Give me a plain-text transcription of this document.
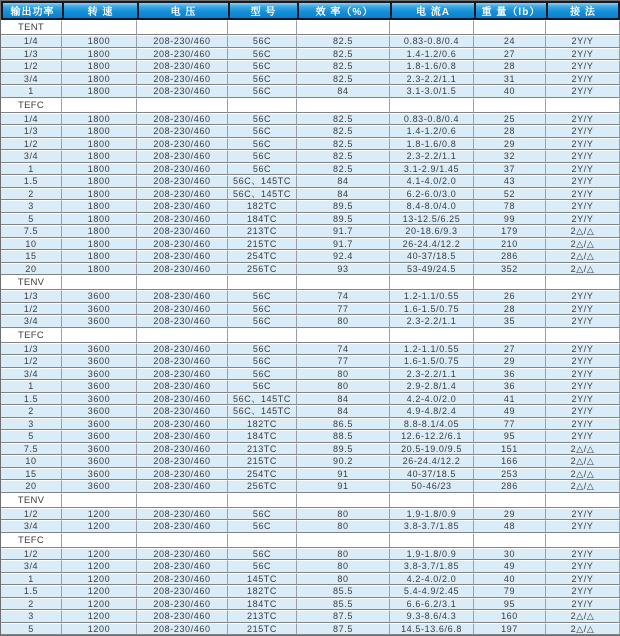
输出功率	转 速	电 压	型 号	效 率（%）	电 流A	重 量（lb）	接 法
TENT							
1/4	1800	208-230/460	56C	82.5	0.83-0.8/0.4	24	2Y/Y
1/3	1800	208-230/460	56C	82.5	1.4-1.2/0.6	27	2Y/Y
1/2	1800	208-230/460	56C	82.5	1.8-1.6/0.8	28	2Y/Y
3/4	1800	208-230/460	56C	82.5	2.3-2.2/1.1	31	2Y/Y
1	1800	208-230/460	56C	84	3.1-3.0/1.5	40	2Y/Y
TEFC							
1/4	1800	208-230/460	56C	82.5	0.83-0.8/0.4	25	2Y/Y
1/3	1800	208-230/460	56C	82.5	1.4-1.2/0.6	28	2Y/Y
1/2	1800	208-230/460	56C	82.5	1.8-1.6/0.8	29	2Y/Y
3/4	1800	208-230/460	56C	82.5	2.3-2.2/1.1	32	2Y/Y
1	1800	208-230/460	56C	82.5	3.1-2.9/1.45	37	2Y/Y
1.5	1800	208-230/460	56C、145TC	84	4.1-4.0/2.0	43	2Y/Y
2	1800	208-230/460	56C、145TC	84	6.2-6.0/3.0	52	2Y/Y
3	1800	208-230/460	182TC	89.5	8.4-8.0/4.0	78	2Y/Y
5	1800	208-230/460	184TC	89.5	13-12.5/6.25	99	2Y/Y
7.5	1800	208-230/460	213TC	91.7	20-18.6/9.3	179	2△/△
10	1800	208-230/460	215TC	91.7	26-24.4/12.2	210	2△/△
15	1800	208-230/460	254TC	92.4	40-37/18.5	286	2△/△
20	1800	208-230/460	256TC	93	53-49/24.5	352	2△/△
TENV							
1/3	3600	208-230/460	56C	74	1.2-1.1/0.55	26	2Y/Y
1/2	3600	208-230/460	56C	77	1.6-1.5/0.75	28	2Y/Y
3/4	3600	208-230/460	56C	80	2.3-2.2/1.1	35	2Y/Y
TEFC							
1/3	3600	208-230/460	56C	74	1.2-1.1/0.55	27	2Y/Y
1/2	3600	208-230/460	56C	77	1.6-1.5/0.75	29	2Y/Y
3/4	3600	208-230/460	56C	80	2.3-2.2/1.1	36	2Y/Y
1	3600	208-230/460	56C	80	2.9-2.8/1.4	36	2Y/Y
1.5	3600	208-230/460	56C、145TC	84	4.2-4.0/2.0	41	2Y/Y
2	3600	208-230/460	56C、145TC	84	4.9-4.8/2.4	49	2Y/Y
3	3600	208-230/460	182TC	86.5	8.8-8.1/4.05	77	2Y/Y
5	3600	208-230/460	184TC	88.5	12.6-12.2/6.1	95	2Y/Y
7.5	3600	208-230/460	213TC	89.5	20.5-19.0/9.5	151	2△/△
10	3600	208-230/460	215TC	90.2	26-24.4/12.2	166	2△/△
15	3600	208-230/460	254TC	91	40-37/18.5	253	2△/△
20	3600	208-230/460	256TC	91	50-46/23	286	2△/△
TENV							
1/2	1200	208-230/460	56C	80	1.9-1.8/0.9	29	2Y/Y
3/4	1200	208-230/460	56C	80	3.8-3.7/1.85	48	2Y/Y
TEFC							
1/2	1200	208-230/460	56C	80	1.9-1.8/0.9	30	2Y/Y
3/4	1200	208-230/460	56C	80	3.8-3.7/1.85	49	2Y/Y
1	1200	208-230/460	145TC	80	4.2-4.0/2.0	40	2Y/Y
1.5	1200	208-230/460	182TC	85.5	5.4-4.9/2.45	79	2Y/Y
2	1200	208-230/460	184TC	85.5	6.6-6.2/3.1	95	2Y/Y
3	1200	208-230/460	213TC	87.5	9.3-8.6/4.3	160	2△/△
5	1200	208-230/460	215TC	87.5	14.5-13.6/6.8	197	2△/△
